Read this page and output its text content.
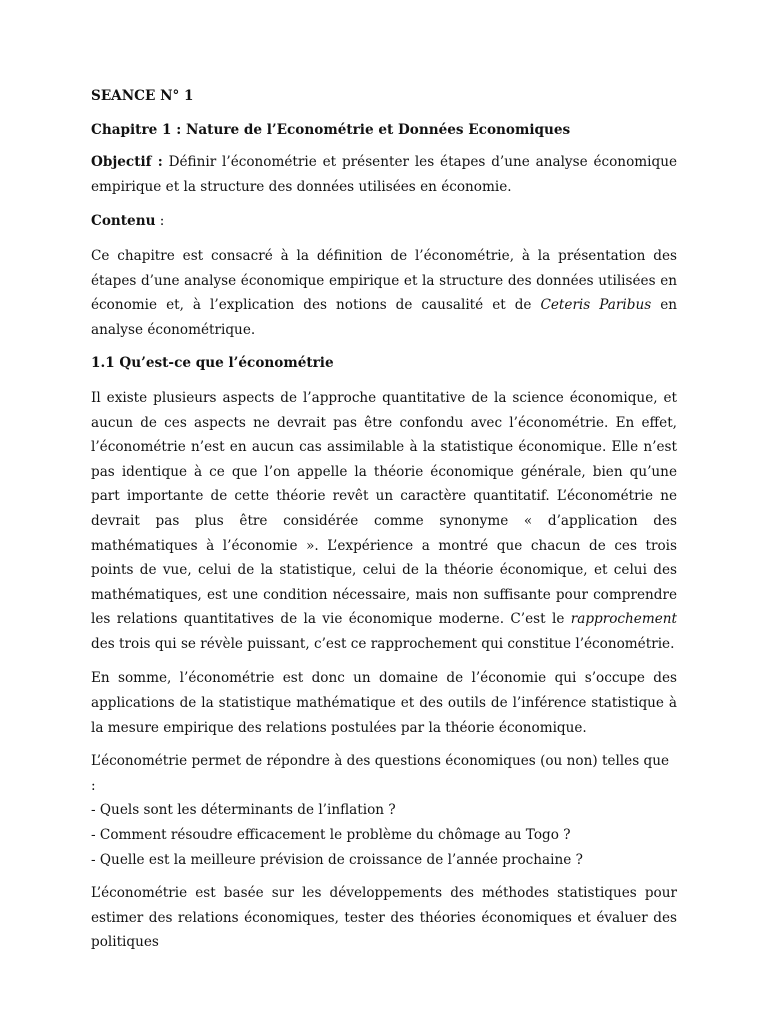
SEANCE N° 1

Chapitre 1 : Nature de l’Econométrie et Données Economiques

Objectif : Définir l’économétrie et présenter les étapes d’une analyse économique empirique et la structure des données utilisées en économie.

Contenu :

Ce chapitre est consacré à la définition de l’économétrie, à la présentation des étapes d’une analyse économique empirique et la structure des données utilisées en économie et, à l’explication des notions de causalité et de Ceteris Paribus en analyse économétrique.

1.1 Qu’est-ce que l’économétrie

Il existe plusieurs aspects de l’approche quantitative de la science économique, et aucun de ces aspects ne devrait pas être confondu avec l’économétrie. En effet, l’économétrie n’est en aucun cas assimilable à la statistique économique. Elle n’est pas identique à ce que l’on appelle la théorie économique générale, bien qu’une part importante de cette théorie revêt un caractère quantitatif. L’économétrie ne devrait pas plus être considérée comme synonyme « d’application des mathématiques à l’économie ». L’expérience a montré que chacun de ces trois points de vue, celui de la statistique, celui de la théorie économique, et celui des mathématiques, est une condition nécessaire, mais non suffisante pour comprendre les relations quantitatives de la vie économique moderne. C’est le rapprochement des trois qui se révèle puissant, c’est ce rapprochement qui constitue l’économétrie.

En somme, l’économétrie est donc un domaine de l’économie qui s’occupe des applications de la statistique mathématique et des outils de l’inférence statistique à la mesure empirique des relations postulées par la théorie économique.

L’économétrie permet de répondre à des questions économiques (ou non) telles que :

- Quels sont les déterminants de l’inflation ?

- Comment résoudre efficacement le problème du chômage au Togo ?

- Quelle est la meilleure prévision de croissance de l’année prochaine ?

L’économétrie est basée sur les développements des méthodes statistiques pour estimer des relations économiques, tester des théories économiques et évaluer des politiques
